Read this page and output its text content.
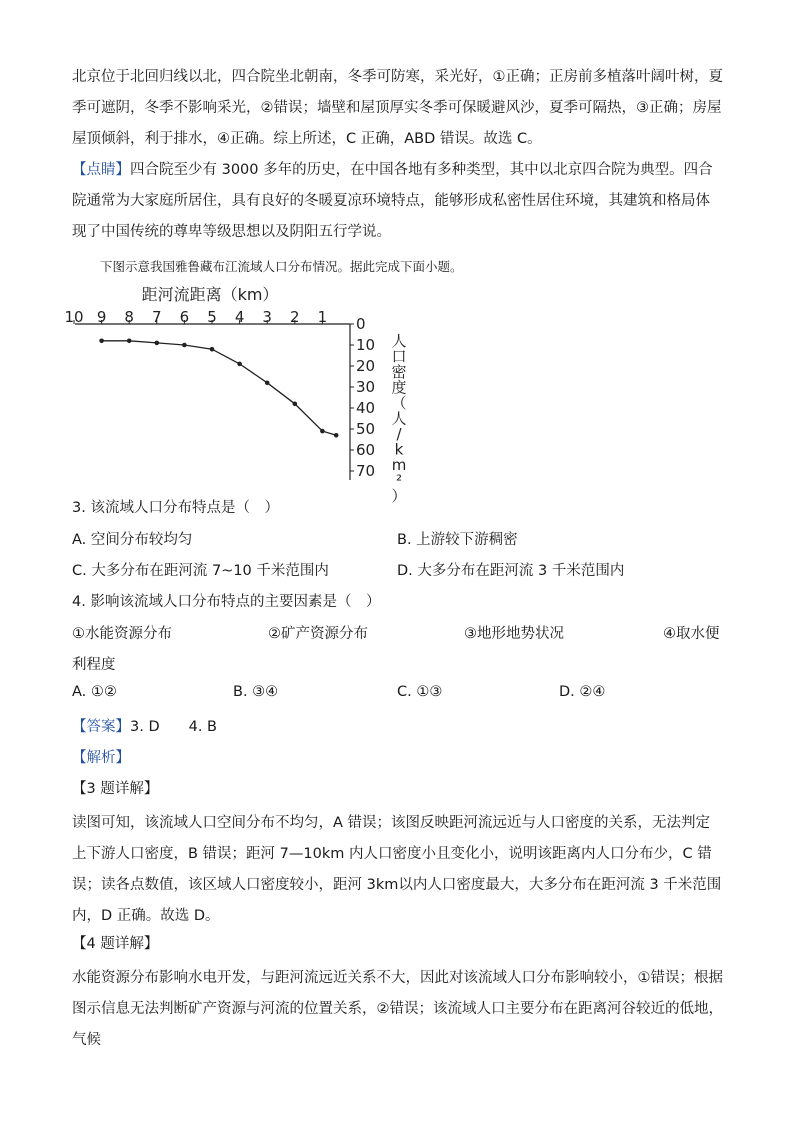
北京位于北回归线以北，四合院坐北朝南，冬季可防寒，采光好，①正确；正房前多植落叶阔叶树，夏季可遮阴，冬季不影响采光，②错误；墙壁和屋顶厚实冬季可保暖避风沙，夏季可隔热，③正确；房屋屋顶倾斜，利于排水，④正确。综上所述，C 正确，ABD 错误。故选 C。
【点睛】四合院至少有 3000 多年的历史，在中国各地有多种类型，其中以北京四合院为典型。四合院通常为大家庭所居住，具有良好的冬暖夏凉环境特点，能够形成私密性居住环境，其建筑和格局体现了中国传统的尊卑等级思想以及阴阳五行学说。
下图示意我国雅鲁藏布江流域人口分布情况。据此完成下面小题。
距河流距离（km）
10 9 8 7 6 5 4 3 2 1 0
10
20
30
40
50
60
70
人
口
密
度
（
人
/
k
m
²
）
3. 该流域人口分布特点是（　）
A. 空间分布较均匀	B. 上游较下游稠密
C. 大多分布在距河流 7~10 千米范围内	D. 大多分布在距河流 3 千米范围内
4. 影响该流域人口分布特点的主要因素是（　）
①水能资源分布	②矿产资源分布	③地形地势状况	④取水便
利程度
A. ①②	B. ③④	C. ①③	D. ②④
【答案】3. D　　4. B
【解析】
【3 题详解】
读图可知，该流域人口空间分布不均匀，A 错误；该图反映距河流远近与人口密度的关系，无法判定上下游人口密度，B 错误；距河 7—10km 内人口密度小且变化小，说明该距离内人口分布少，C 错误；读各点数值，该区域人口密度较小，距河 3km以内人口密度最大，大多分布在距河流 3 千米范围内，D 正确。故选 D。
【4 题详解】
水能资源分布影响水电开发，与距河流远近关系不大，因此对该流域人口分布影响较小，①错误；根据图示信息无法判断矿产资源与河流的位置关系，②错误；该流域人口主要分布在距离河谷较近的低地，气候
